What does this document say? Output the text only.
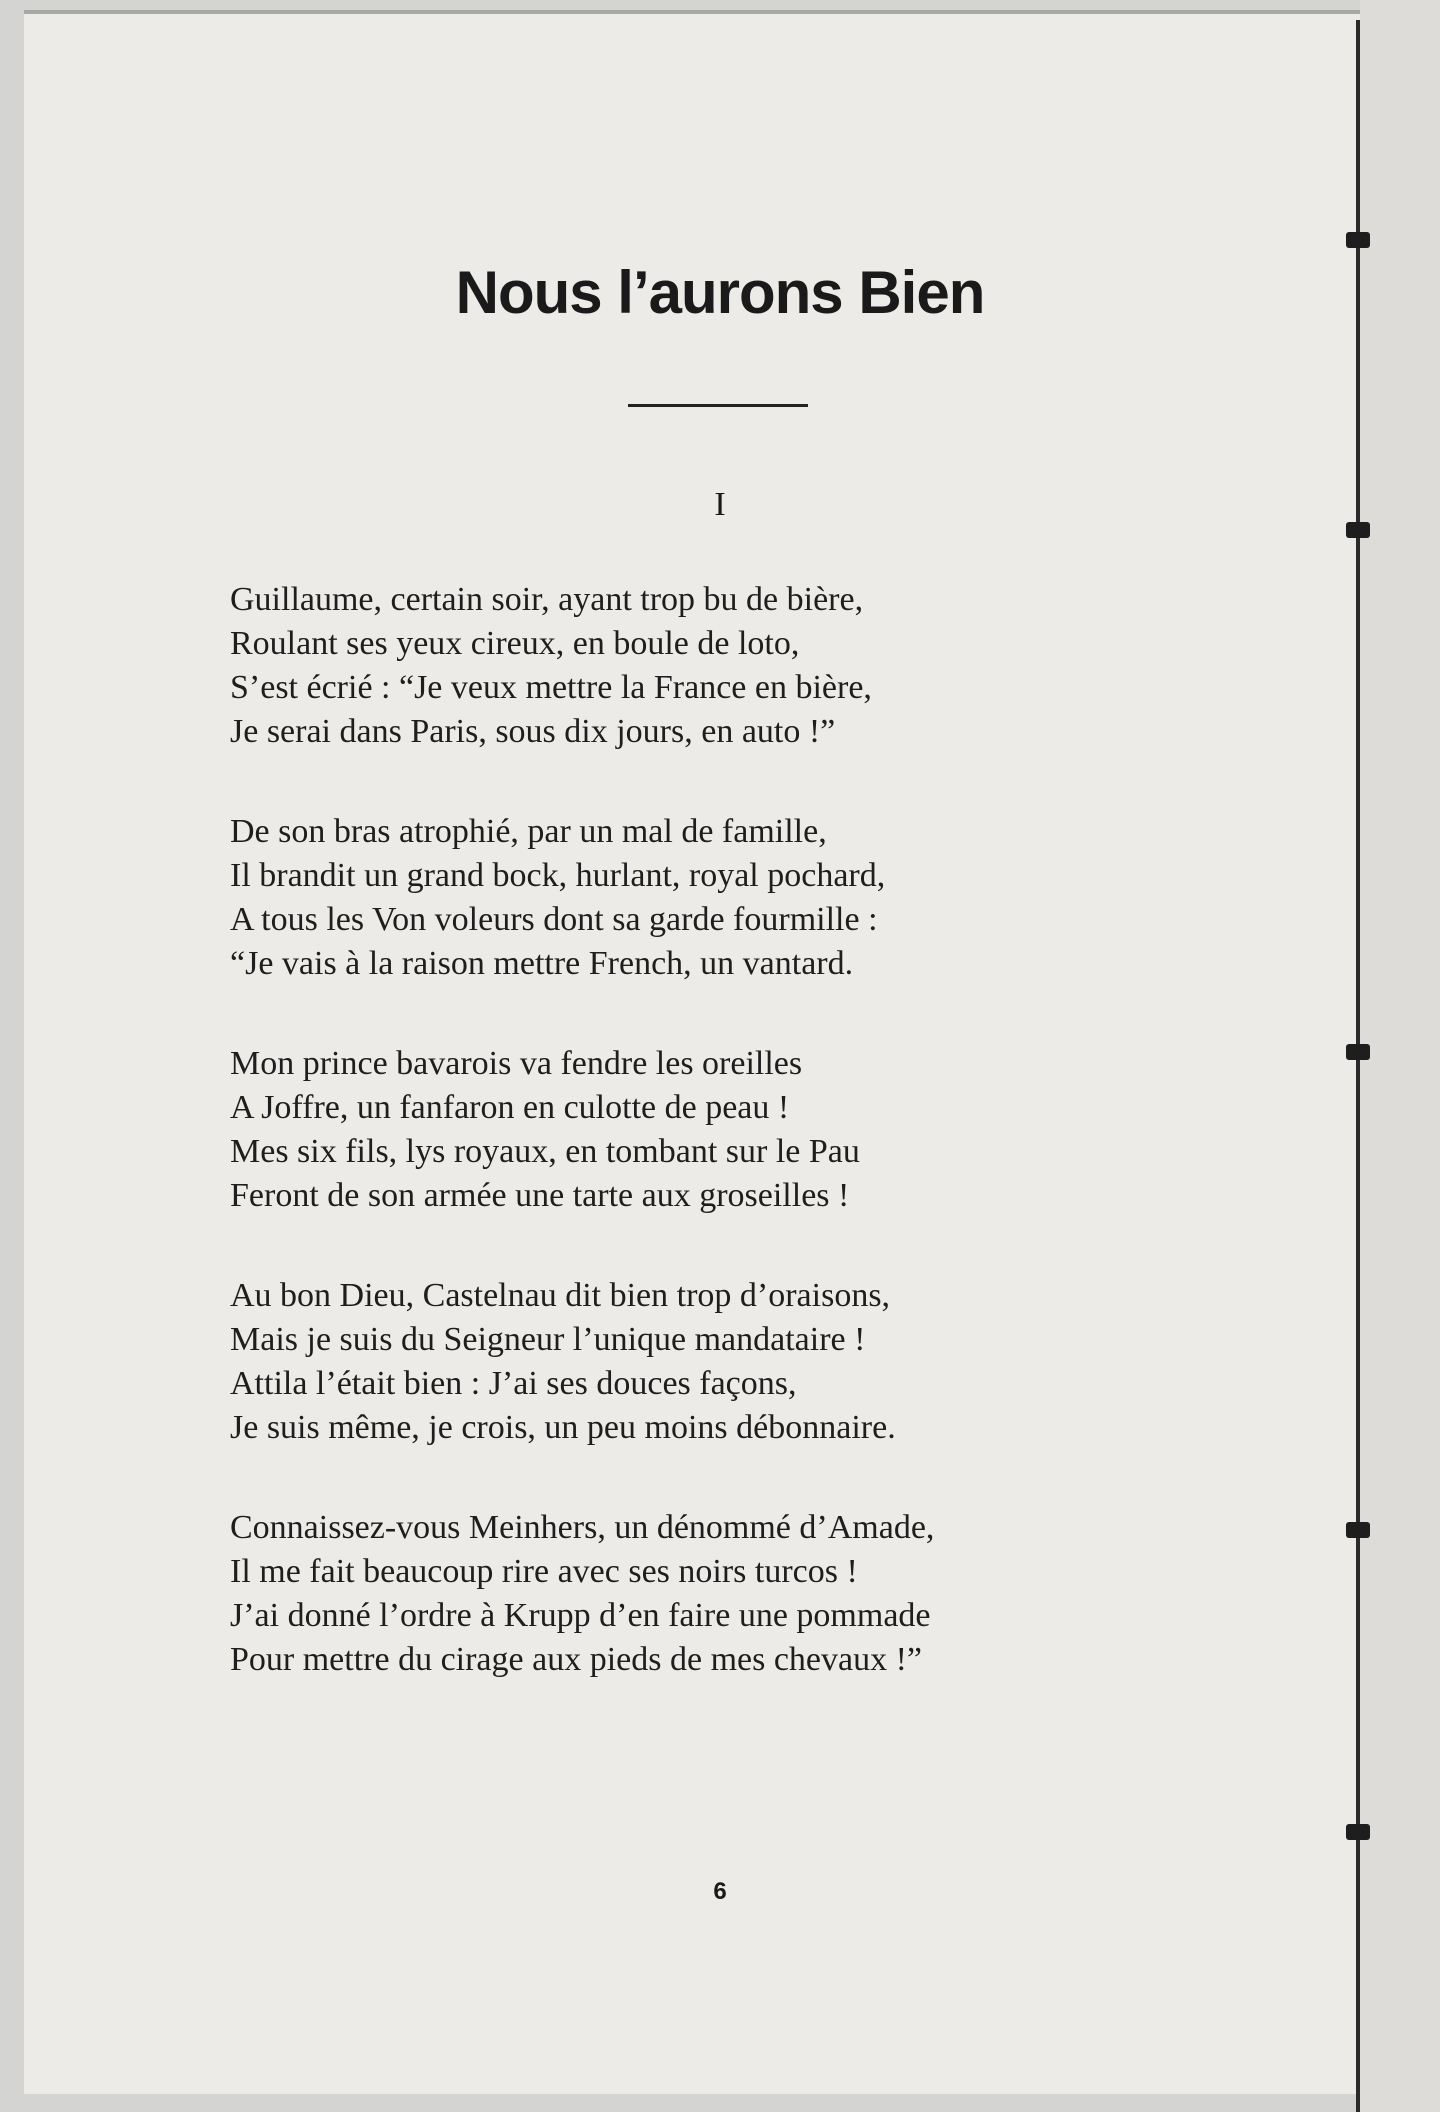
Nous l’aurons Bien
I
Guillaume, certain soir, ayant trop bu de bière,
Roulant ses yeux cireux, en boule de loto,
S’est écrié : “Je veux mettre la France en bière,
Je serai dans Paris, sous dix jours, en auto !”
De son bras atrophié, par un mal de famille,
Il brandit un grand bock, hurlant, royal pochard,
A tous les Von voleurs dont sa garde fourmille :
“Je vais à la raison mettre French, un vantard.
Mon prince bavarois va fendre les oreilles
A Joffre, un fanfaron en culotte de peau !
Mes six fils, lys royaux, en tombant sur le Pau
Feront de son armée une tarte aux groseilles !
Au bon Dieu, Castelnau dit bien trop d’oraisons,
Mais je suis du Seigneur l’unique mandataire !
Attila l’était bien : J’ai ses douces façons,
Je suis même, je crois, un peu moins débonnaire.
Connaissez-vous Meinhers, un dénommé d’Amade,
Il me fait beaucoup rire avec ses noirs turcos !
J’ai donné l’ordre à Krupp d’en faire une pommade
Pour mettre du cirage aux pieds de mes chevaux !”
6
